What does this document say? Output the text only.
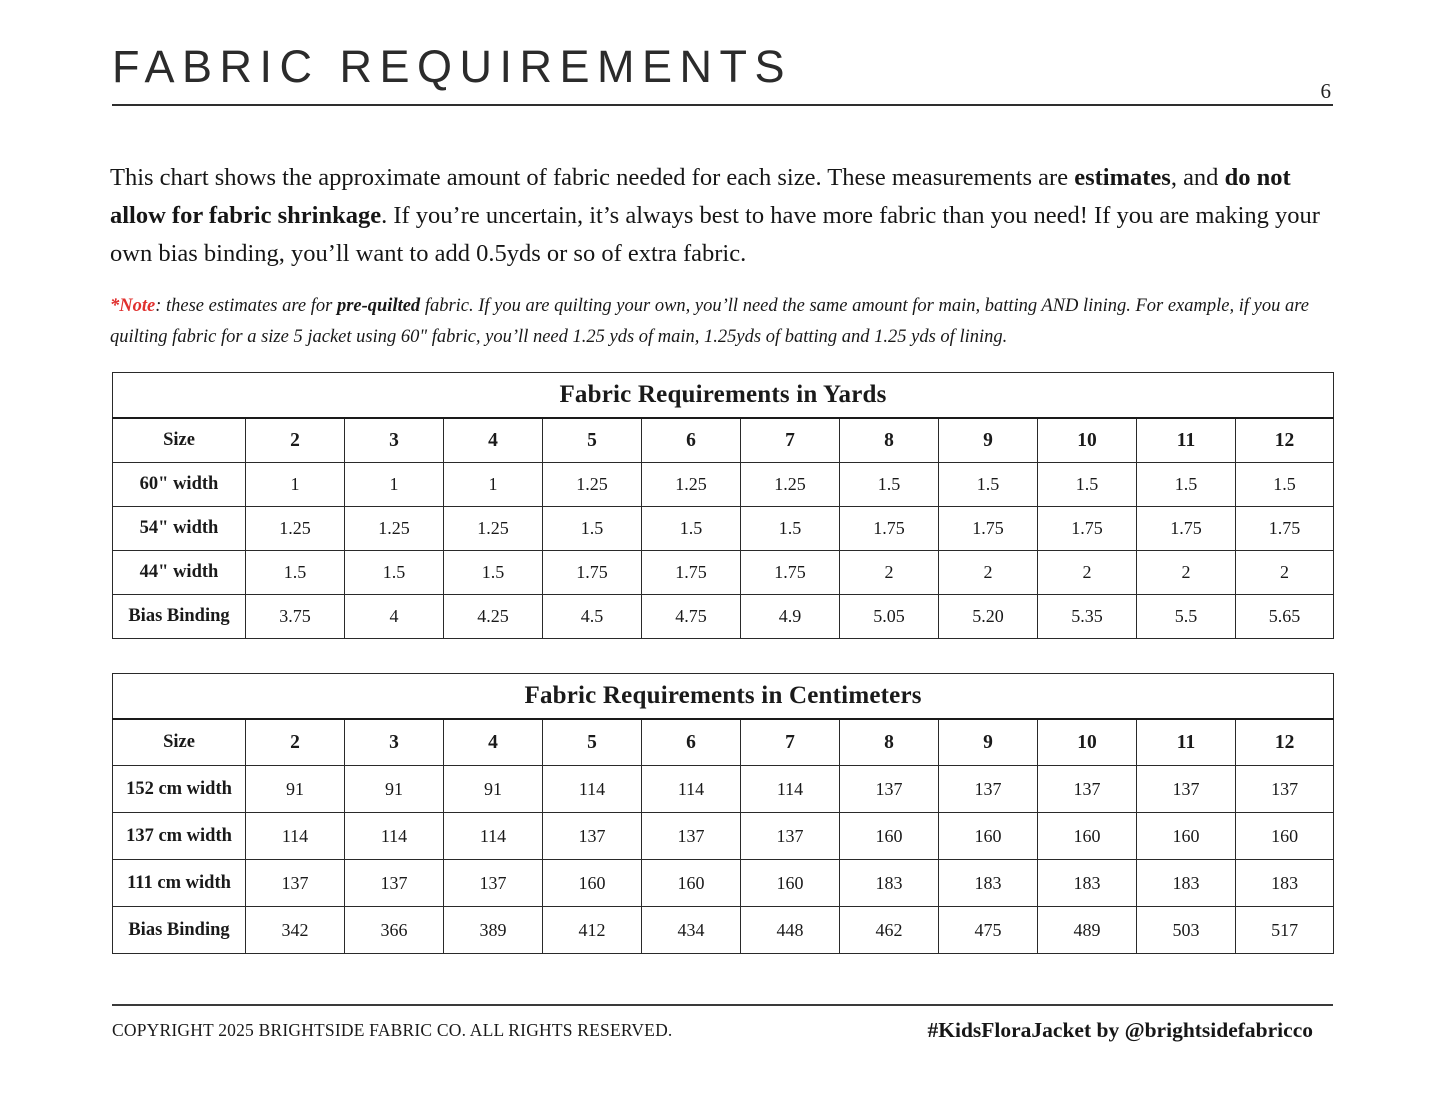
FABRIC REQUIREMENTS	6

This chart shows the approximate amount of fabric needed for each size. These measurements are estimates, and do not allow for fabric shrinkage. If you’re uncertain, it’s always best to have more fabric than you need! If you are making your own bias binding, you’ll want to add 0.5yds or so of extra fabric.

*Note: these estimates are for pre-quilted fabric. If you are quilting your own, you’ll need the same amount for main, batting AND lining. For example, if you are quilting fabric for a size 5 jacket using 60" fabric, you’ll need 1.25 yds of main, 1.25yds of batting and 1.25 yds of lining.

Fabric Requirements in Yards											
Size	2	3	4	5	6	7	8	9	10	11	12
60" width	1	1	1	1.25	1.25	1.25	1.5	1.5	1.5	1.5	1.5
54" width	1.25	1.25	1.25	1.5	1.5	1.5	1.75	1.75	1.75	1.75	1.75
44" width	1.5	1.5	1.5	1.75	1.75	1.75	2	2	2	2	2
Bias Binding	3.75	4	4.25	4.5	4.75	4.9	5.05	5.20	5.35	5.5	5.65
Fabric Requirements in Centimeters											
Size	2	3	4	5	6	7	8	9	10	11	12
152 cm width	91	91	91	114	114	114	137	137	137	137	137
137 cm width	114	114	114	137	137	137	160	160	160	160	160
111 cm width	137	137	137	160	160	160	183	183	183	183	183
Bias Binding	342	366	389	412	434	448	462	475	489	503	517
COPYRIGHT 2025 BRIGHTSIDE FABRIC CO. ALL RIGHTS RESERVED.	#KidsFloraJacket by @brightsidefabricco
